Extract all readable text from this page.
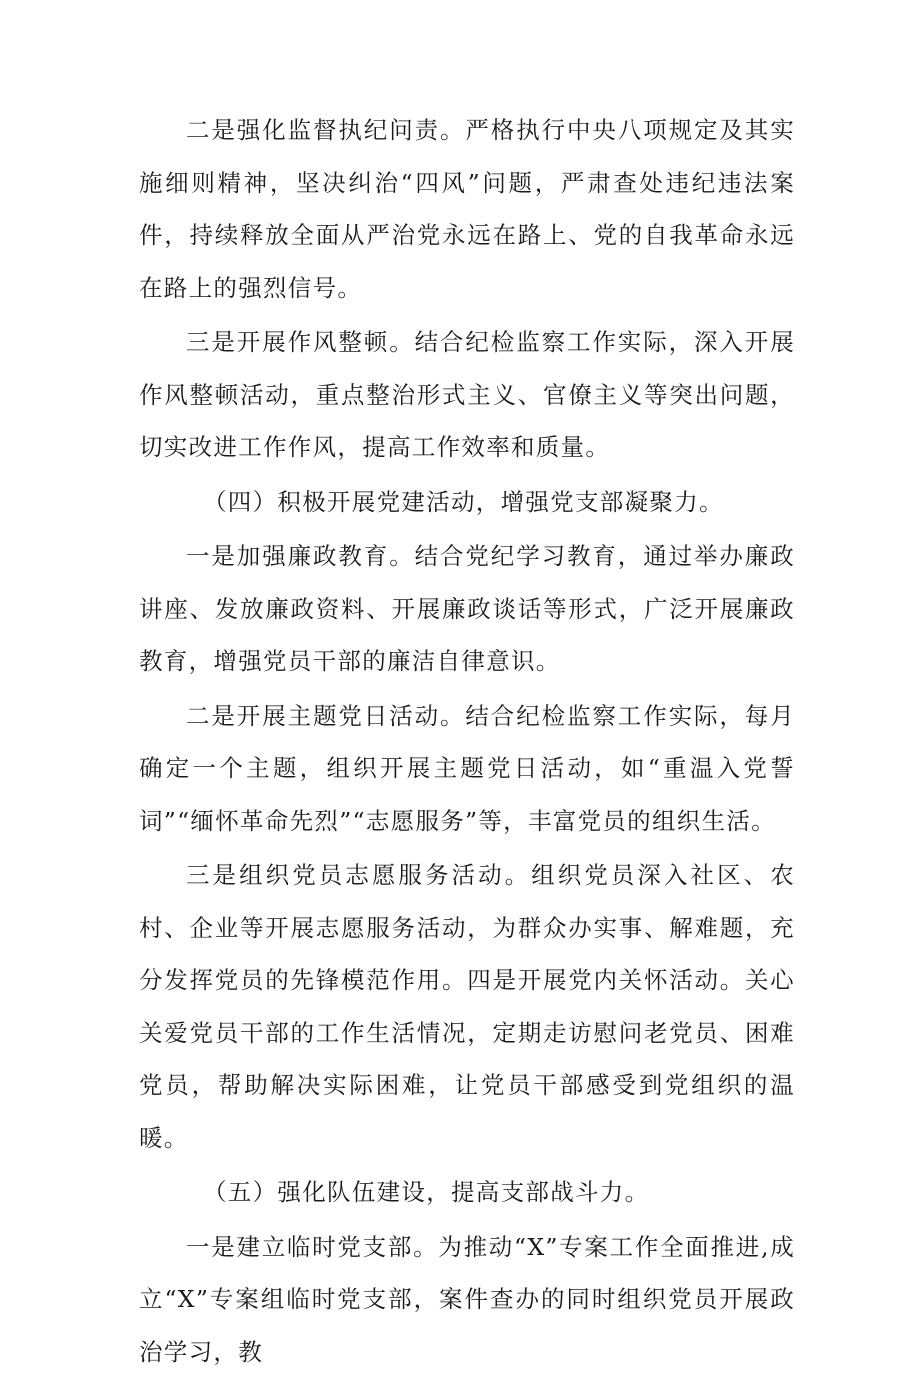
二是强化监督执纪问责。严格执行中央八项规定及其实施细则精神，坚决纠治“四风”问题，严肃查处违纪违法案件，持续释放全面从严治党永远在路上、党的自我革命永远在路上的强烈信号。

三是开展作风整顿。结合纪检监察工作实际，深入开展作风整顿活动，重点整治形式主义、官僚主义等突出问题，切实改进工作作风，提高工作效率和质量。

（四）积极开展党建活动，增强党支部凝聚力。

一是加强廉政教育。结合党纪学习教育，通过举办廉政讲座、发放廉政资料、开展廉政谈话等形式，广泛开展廉政教育，增强党员干部的廉洁自律意识。

二是开展主题党日活动。结合纪检监察工作实际，每月确定一个主题，组织开展主题党日活动，如“重温入党誓词”“缅怀革命先烈”“志愿服务”等，丰富党员的组织生活。

三是组织党员志愿服务活动。组织党员深入社区、农村、企业等开展志愿服务活动，为群众办实事、解难题，充分发挥党员的先锋模范作用。四是开展党内关怀活动。关心关爱党员干部的工作生活情况，定期走访慰问老党员、困难党员，帮助解决实际困难，让党员干部感受到党组织的温暖。

（五）强化队伍建设，提高支部战斗力。

一是建立临时党支部。为推动“X”专案工作全面推进,成立“X”专案组临时党支部，案件查办的同时组织党员开展政治学习，教
